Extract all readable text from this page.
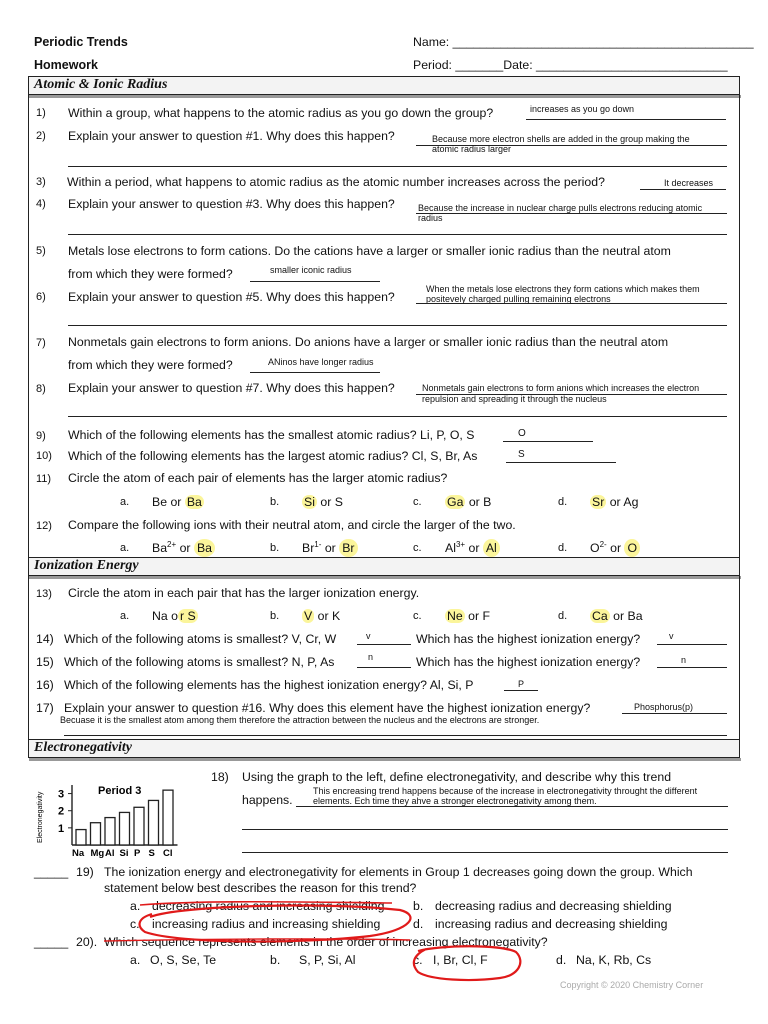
Periodic Trends
Homework
Name: ____________________________________________
Period: _______Date: ____________________________
Atomic & Ionic Radius
1) Within a group, what happens to the atomic radius as you go down the group?	increases as you go down
2) Explain your answer to question #1. Why does this happen?	Because more electron shells are added in the group making the
atomic radius larger
3) Within a period, what happens to atomic radius as the atomic number increases across the period?	It decreases
4) Explain your answer to question #3. Why does this happen?	Because the increase in nuclear charge pulls electrons reducing atomic
radius
5) Metals lose electrons to form cations. Do the cations have a larger or smaller ionic radius than the neutral atom
from which they were formed?	smaller iconic radius
6) Explain your answer to question #5. Why does this happen?
When the metals lose electrons they form cations which makes them
positevely charged pulling remaining electrons
7) Nonmetals gain electrons to form anions. Do anions have a larger or smaller ionic radius than the neutral atom
from which they were formed?	ANinos have longer radius
8) Explain your answer to question #7. Why does this happen?	Nonmetals gain electrons to form anions which increases the electron
repulsion and spreading it through the nucleus
9) Which of the following elements has the smallest atomic radius? Li, P, O, S	O
10) Which of the following elements has the largest atomic radius? Cl, S, Br, As	S
11) Circle the atom of each pair of elements has the larger atomic radius?
a. Be or Ba	b. Si or S	c. Ga or B	d. Sr or Ag
12) Compare the following ions with their neutral atom, and circle the larger of the two.
a. $Ba^{2+}$ or Ba	b. $Br^{1-}$ or Br	c. $Al^{3+}$ or Al	d. $O^{2-}$ or O
Ionization Energy
13) Circle the atom in each pair that has the larger ionization energy.
a. Na o r S	b. V or K	c. Ne or F	d. Ca or Ba
14) Which of the following atoms is smallest? V, Cr, W	v	Which has the highest ionization energy?	v
15) Which of the following atoms is smallest? N, P, As	n	Which has the highest ionization energy?	n
16) Which of the following elements has the highest ionization energy? Al, Si, P	P
17) Explain your answer to question #16. Why does this element have the highest ionization energy?	Phosphorus(p)
Becuase it is the smallest atom among them therefore the attraction between the nucleus and the electrons are stronger.
Electronegativity
Electronegativity 1
2
3	Period 3
Na Mg Al Si P S Cl
18) Using the graph to the left, define electronegativity, and describe why this trend
happens.
This encreasing trend happens because of the increase in electronegativity throught the different
elements. Ech time they ahve a stronger electronegativity among them.
_____ 19) The ionization energy and electronegativity for elements in Group 1 decreases going down the group. Which
statement below best describes the reason for this trend?
a. decreasing radius and increasing shielding b. decreasing radius and decreasing shielding
c. increasing radius and increasing shielding	d. increasing radius and decreasing shielding
_____ 20). Which sequence represents elements in the order of increasing electronegativity?
a. O, S, Se, Te	b. S, P, Si, Al	c. I, Br, Cl, F	d. Na, K, Rb, Cs
Copyright © 2020 Chemistry Corner
